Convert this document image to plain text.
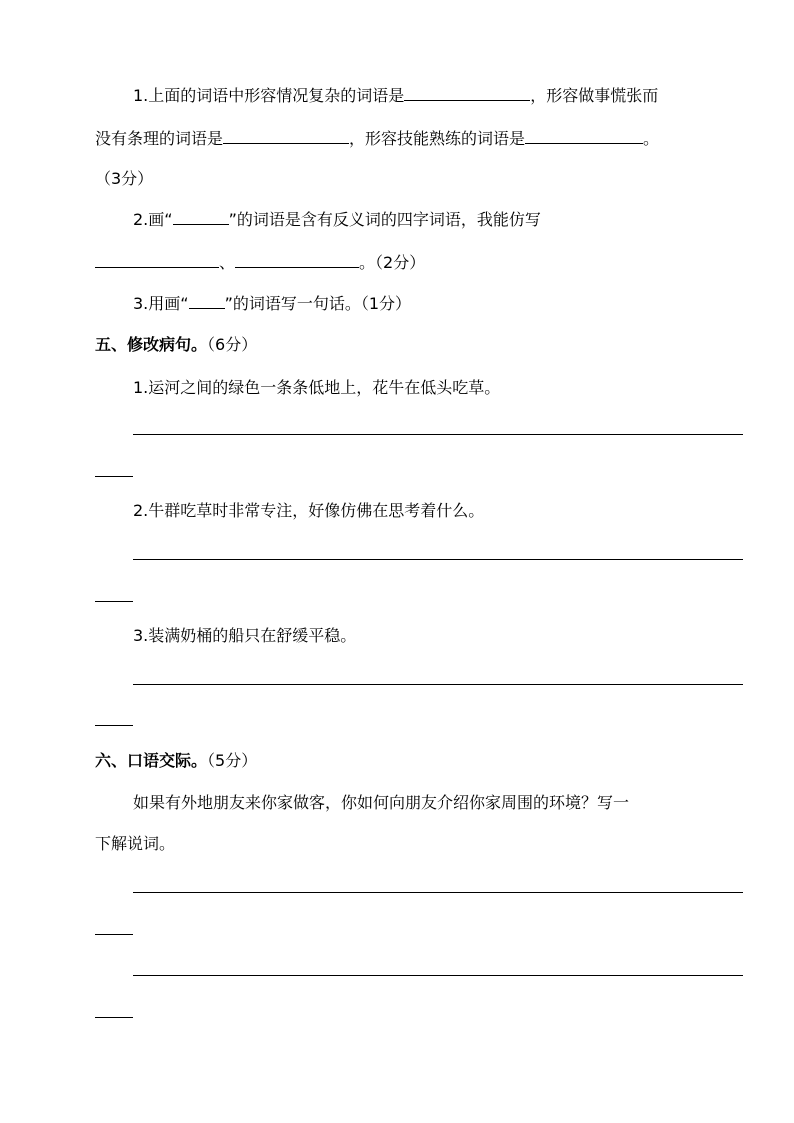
1.上面的词语中形容情况复杂的词语是	，形容做事慌张而
没有条理的词语是	，形容技能熟练的词语是	。
（3分）
2.画“	”的词语是含有反义词的四字词语，我能仿写
、	。（2分）
3.用画“ ”的词语写一句话。（1分）
五、修改病句。（6分）
1.运河之间的绿色一条条低地上，花牛在低头吃草。
2.牛群吃草时非常专注，好像仿佛在思考着什么。
3.装满奶桶的船只在舒缓平稳。
六、口语交际。（5分）
如果有外地朋友来你家做客，你如何向朋友介绍你家周围的环境？写一
下解说词。
